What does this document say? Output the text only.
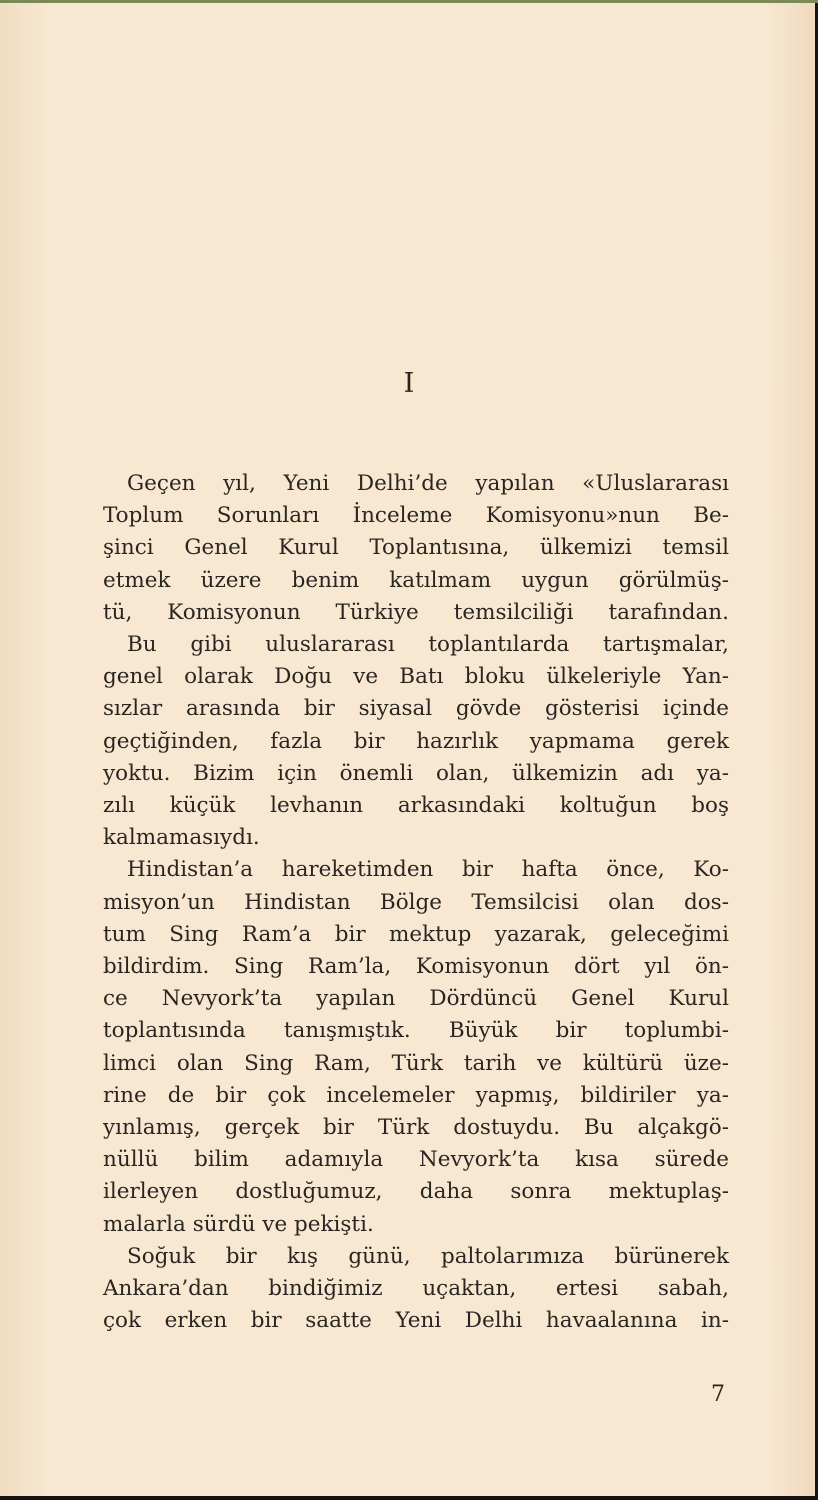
I
Geçen yıl, Yeni Delhi’de yapılan «Uluslararası
Toplum Sorunları İnceleme Komisyonu»nun Be-
şinci Genel Kurul Toplantısına, ülkemizi temsil
etmek üzere benim katılmam uygun görülmüş-
tü, Komisyonun Türkiye temsilciliği tarafından.
Bu gibi uluslararası toplantılarda tartışmalar,
genel olarak Doğu ve Batı bloku ülkeleriyle Yan-
sızlar arasında bir siyasal gövde gösterisi içinde
geçtiğinden, fazla bir hazırlık yapmama gerek
yoktu. Bizim için önemli olan, ülkemizin adı ya-
zılı küçük levhanın arkasındaki koltuğun boş
kalmamasıydı.
Hindistan’a hareketimden bir hafta önce, Ko-
misyon’un Hindistan Bölge Temsilcisi olan dos-
tum Sing Ram’a bir mektup yazarak, geleceğimi
bildirdim. Sing Ram’la, Komisyonun dört yıl ön-
ce Nevyork’ta yapılan Dördüncü Genel Kurul
toplantısında tanışmıştık. Büyük bir toplumbi-
limci olan Sing Ram, Türk tarih ve kültürü üze-
rine de bir çok incelemeler yapmış, bildiriler ya-
yınlamış, gerçek bir Türk dostuydu. Bu alçakgö-
nüllü bilim adamıyla Nevyork’ta kısa sürede
ilerleyen dostluğumuz, daha sonra mektuplaş-
malarla sürdü ve pekişti.
Soğuk bir kış günü, paltolarımıza bürünerek
Ankara’dan bindiğimiz uçaktan, ertesi sabah,
çok erken bir saatte Yeni Delhi havaalanına in-
7
